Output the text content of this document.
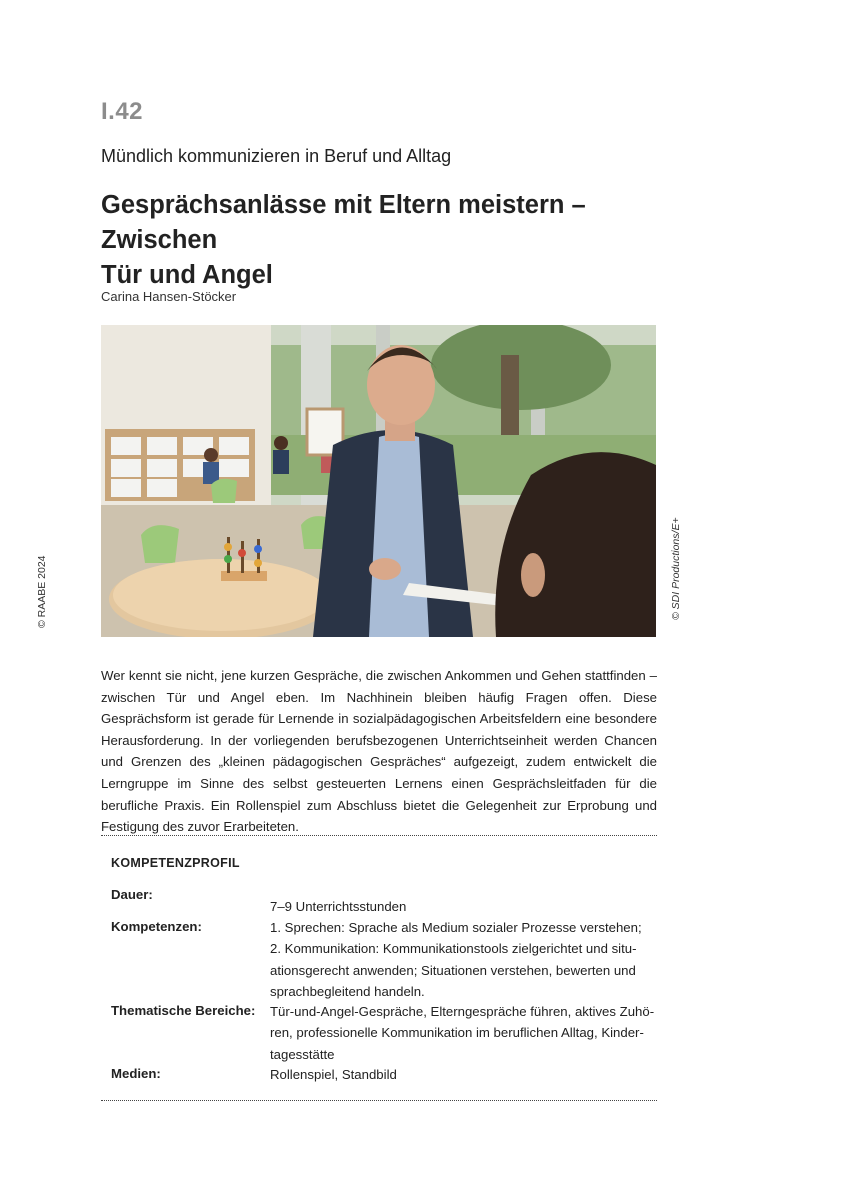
I.42
Mündlich kommunizieren in Beruf und Alltag
Gesprächsanlässe mit Eltern meistern – Zwischen
Tür und Angel
Carina Hansen-Stöcker
© SDI Productions/E+
© RAABE 2024
Wer kennt sie nicht, jene kurzen Gespräche, die zwischen Ankommen und Gehen stattfinden – zwischen Tür und Angel eben. Im Nachhinein bleiben häufig Fragen offen. Diese Gesprächsform ist gerade für Lernende in sozialpädagogischen Arbeitsfeldern eine besondere Herausforderung. In der vorliegenden berufsbezogenen Unterrichtseinheit werden Chancen und Grenzen des „kleinen pädagogischen Gespräches“ aufgezeigt, zudem entwickelt die Lerngruppe im Sinne des selbst gesteuerten Lernens einen Gesprächsleitfaden für die berufliche Praxis. Ein Rollenspiel zum Abschluss bietet die Gelegenheit zur Erprobung und Festigung des zuvor Erarbeiteten.
KOMPETENZPROFIL
Dauer:
7–9 Unterrichtsstunden
Kompetenzen:	1. Sprechen: Sprache als Medium sozialer Prozesse verstehen;
2. Kommunikation: Kommunikationstools zielgerichtet und situ-
ationsgerecht anwenden; Situationen verstehen, bewerten und
sprachbegleitend handeln.
Thematische Bereiche: Tür-und-Angel-Gespräche, Elterngespräche führen, aktives Zuhö-
ren, professionelle Kommunikation im beruflichen Alltag, Kinder-
tagesstätte
Medien:	Rollenspiel, Standbild
